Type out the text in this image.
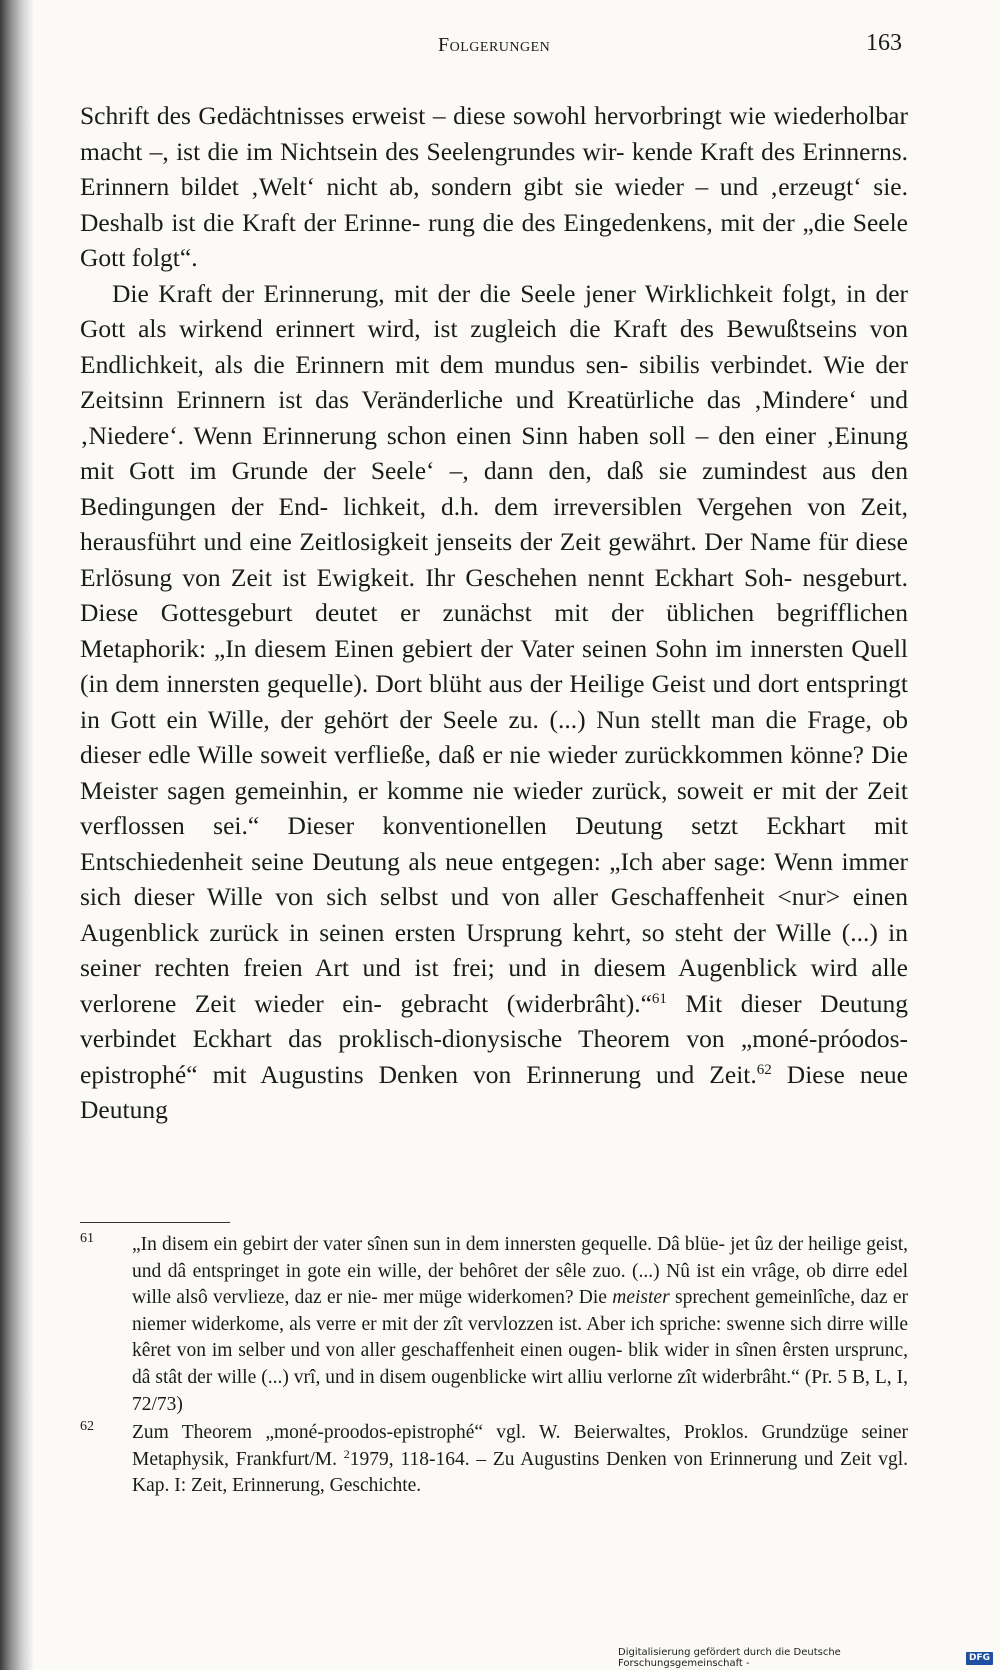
Folgerungen	163

Schrift des Gedächtnisses erweist – diese sowohl hervorbringt wie wiederholbar macht –, ist die im Nichtsein des Seelengrundes wir- kende Kraft des Erinnerns. Erinnern bildet ‚Welt‘ nicht ab, sondern gibt sie wieder – und ‚erzeugt‘ sie. Deshalb ist die Kraft der Erinne- rung die des Eingedenkens, mit der „die Seele Gott folgt“.

Die Kraft der Erinnerung, mit der die Seele jener Wirklichkeit folgt, in der Gott als wirkend erinnert wird, ist zugleich die Kraft des Bewußtseins von Endlichkeit, als die Erinnern mit dem mundus sen- sibilis verbindet. Wie der Zeitsinn Erinnern ist das Veränderliche und Kreatürliche das ‚Mindere‘ und ‚Niedere‘. Wenn Erinnerung schon einen Sinn haben soll – den einer ‚Einung mit Gott im Grunde der Seele‘ –, dann den, daß sie zumindest aus den Bedingungen der End- lichkeit, d.h. dem irreversiblen Vergehen von Zeit, herausführt und eine Zeitlosigkeit jenseits der Zeit gewährt. Der Name für diese Erlösung von Zeit ist Ewigkeit. Ihr Geschehen nennt Eckhart Soh- nesgeburt. Diese Gottesgeburt deutet er zunächst mit der üblichen begrifflichen Metaphorik: „In diesem Einen gebiert der Vater seinen Sohn im innersten Quell (in dem innersten gequelle). Dort blüht aus der Heilige Geist und dort entspringt in Gott ein Wille, der gehört der Seele zu. (...) Nun stellt man die Frage, ob dieser edle Wille soweit verfließe, daß er nie wieder zurückkommen könne? Die Meister sagen gemeinhin, er komme nie wieder zurück, soweit er mit der Zeit verflossen sei.“ Dieser konventionellen Deutung setzt Eckhart mit Entschiedenheit seine Deutung als neue entgegen: „Ich aber sage: Wenn immer sich dieser Wille von sich selbst und von aller Geschaffenheit <nur> einen Augenblick zurück in seinen ersten Ursprung kehrt, so steht der Wille (...) in seiner rechten freien Art und ist frei; und in diesem Augenblick wird alle verlorene Zeit wieder ein- gebracht (widerbrâht).“$^{61}$ Mit dieser Deutung verbindet Eckhart das proklisch-dionysische Theorem von „moné-próodos-epistrophé“ mit Augustins Denken von Erinnerung und Zeit.$^{62}$ Diese neue Deutung

61 „In disem ein gebirt der vater sînen sun in dem innersten gequelle. Dâ blüe- jet ûz der heilige geist, und dâ entspringet in gote ein wille, der behôret der sêle zuo. (...) Nû ist ein vrâge, ob dirre edel wille alsô vervlieze, daz er nie- mer müge widerkomen? Die meister sprechent gemeinlîche, daz er niemer widerkome, als verre er mit der zît vervlozzen ist. Aber ich spriche: swenne sich dirre wille kêret von im selber und von aller geschaffenheit einen ougen- blik wider in sînen êrsten ursprunc, dâ stât der wille (...) vrî, und in disem ougenblicke wirt alliu verlorne zît widerbrâht.“ (Pr. 5 B, L, I, 72/73)
62 Zum Theorem „moné-proodos-epistrophé“ vgl. W. Beierwaltes, Proklos. Grundzüge seiner Metaphysik, Frankfurt/M. $^2$1979, 118-164. – Zu Augustins Denken von Erinnerung und Zeit vgl. Kap. I: Zeit, Erinnerung, Geschichte.
Digitalisierung gefördert durch die Deutsche Forschungsgemeinschaft -
DFG
